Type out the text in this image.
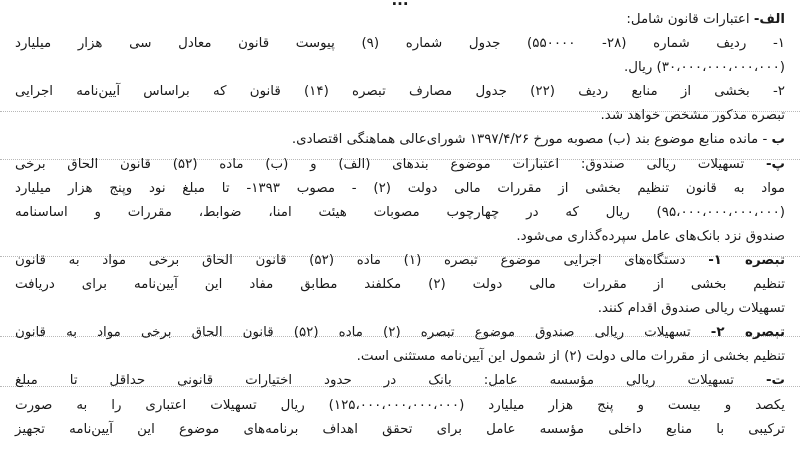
...
الف- اعتبارات قانون شامل:
۱- ردیف شماره (۲۸- ۵۵۰۰۰۰) جدول شماره (۹) پیوست قانون معادل سی هزار میلیارد
(۳۰،۰۰۰،۰۰۰،۰۰۰،۰۰۰) ریال.
۲- بخشی از منابع ردیف (۲۲) جدول مصارف تبصره (۱۴) قانون که براساس آیین‌نامه اجرایی
تبصره مذکور مشخص خواهد شد.
ب - مانده منابع موضوع بند (ب) مصوبه مورخ ۱۳۹۷/۴/۲۶ شورای‌عالی هماهنگی اقتصادی.
پ- تسهیلات ریالی صندوق: اعتبارات موضوع بندهای (الف) و (ب) ماده (۵۲) قانون الحاق برخی
مواد به قانون تنظیم بخشی از مقررات مالی دولت (۲) - مصوب ۱۳۹۳- تا مبلغ نود وپنج هزار میلیارد
(۹۵،۰۰۰،۰۰۰،۰۰۰،۰۰۰) ریال که در چهارچوب مصوبات هیئت امنا، ضوابط، مقررات و اساسنامه
صندوق نزد بانک‌های عامل سپرده‌گذاری می‌شود.
تبصره ۱- دستگاه‌های اجرایی موضوع تبصره (۱) ماده (۵۲) قانون الحاق برخی مواد به قانون
تنظیم بخشی از مقررات مالی دولت (۲) مکلفند مطابق مفاد این آیین‌نامه برای دریافت
تسهیلات ریالی صندوق اقدام کنند.
تبصره ۲- تسهیلات ریالی صندوق موضوع تبصره (۲) ماده (۵۲) قانون الحاق برخی مواد به قانون
تنظیم بخشی از مقررات مالی دولت (۲) از شمول این آیین‌نامه مستثنی است.
ت- تسهیلات ریالی مؤسسه عامل: بانک در حدود اختیارات قانونی حداقل تا مبلغ
یکصد و بیست و پنج هزار میلیارد (۱۲۵،۰۰۰،۰۰۰،۰۰۰،۰۰۰) ریال تسهیلات اعتباری را به صورت
ترکیبی با منابع داخلی مؤسسه عامل برای تحقق اهداف برنامه‌های موضوع این آیین‌نامه تجهیز
